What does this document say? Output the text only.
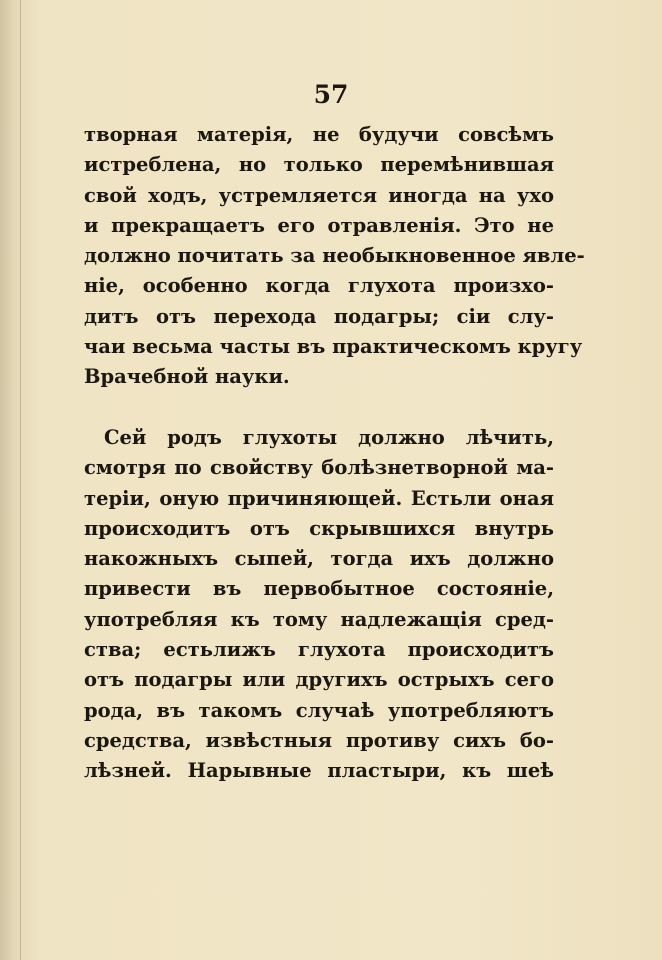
57
творная матерія, не будучи совсѣмъ
истреблена, но только перемѣнившая
свой ходъ, устремляется иногда на ухо
и прекращаетъ его отравленія. Это не
должно почитать за необыкновенное явле-
ніе, особенно когда глухота произхо-
дитъ отъ перехода подагры; сіи слу-
чаи весьма часты въ практическомъ кругу
Врачебной науки.
Сей родъ глухоты должно лѣчить,
смотря по свойству болѣзнетворной ма-
теріи, оную причиняющей. Естьли оная
происходитъ отъ скрывшихся внутрь
накожныхъ сыпей, тогда ихъ должно
привести въ первобытное состояніе,
употребляя къ тому надлежащія сред-
ства; естьлижъ глухота происходитъ
отъ подагры или другихъ острыхъ сего
рода, въ такомъ случаѣ употребляютъ
средства, извѣстныя противу сихъ бо-
лѣзней. Нарывные пластыри, къ шеѣ
